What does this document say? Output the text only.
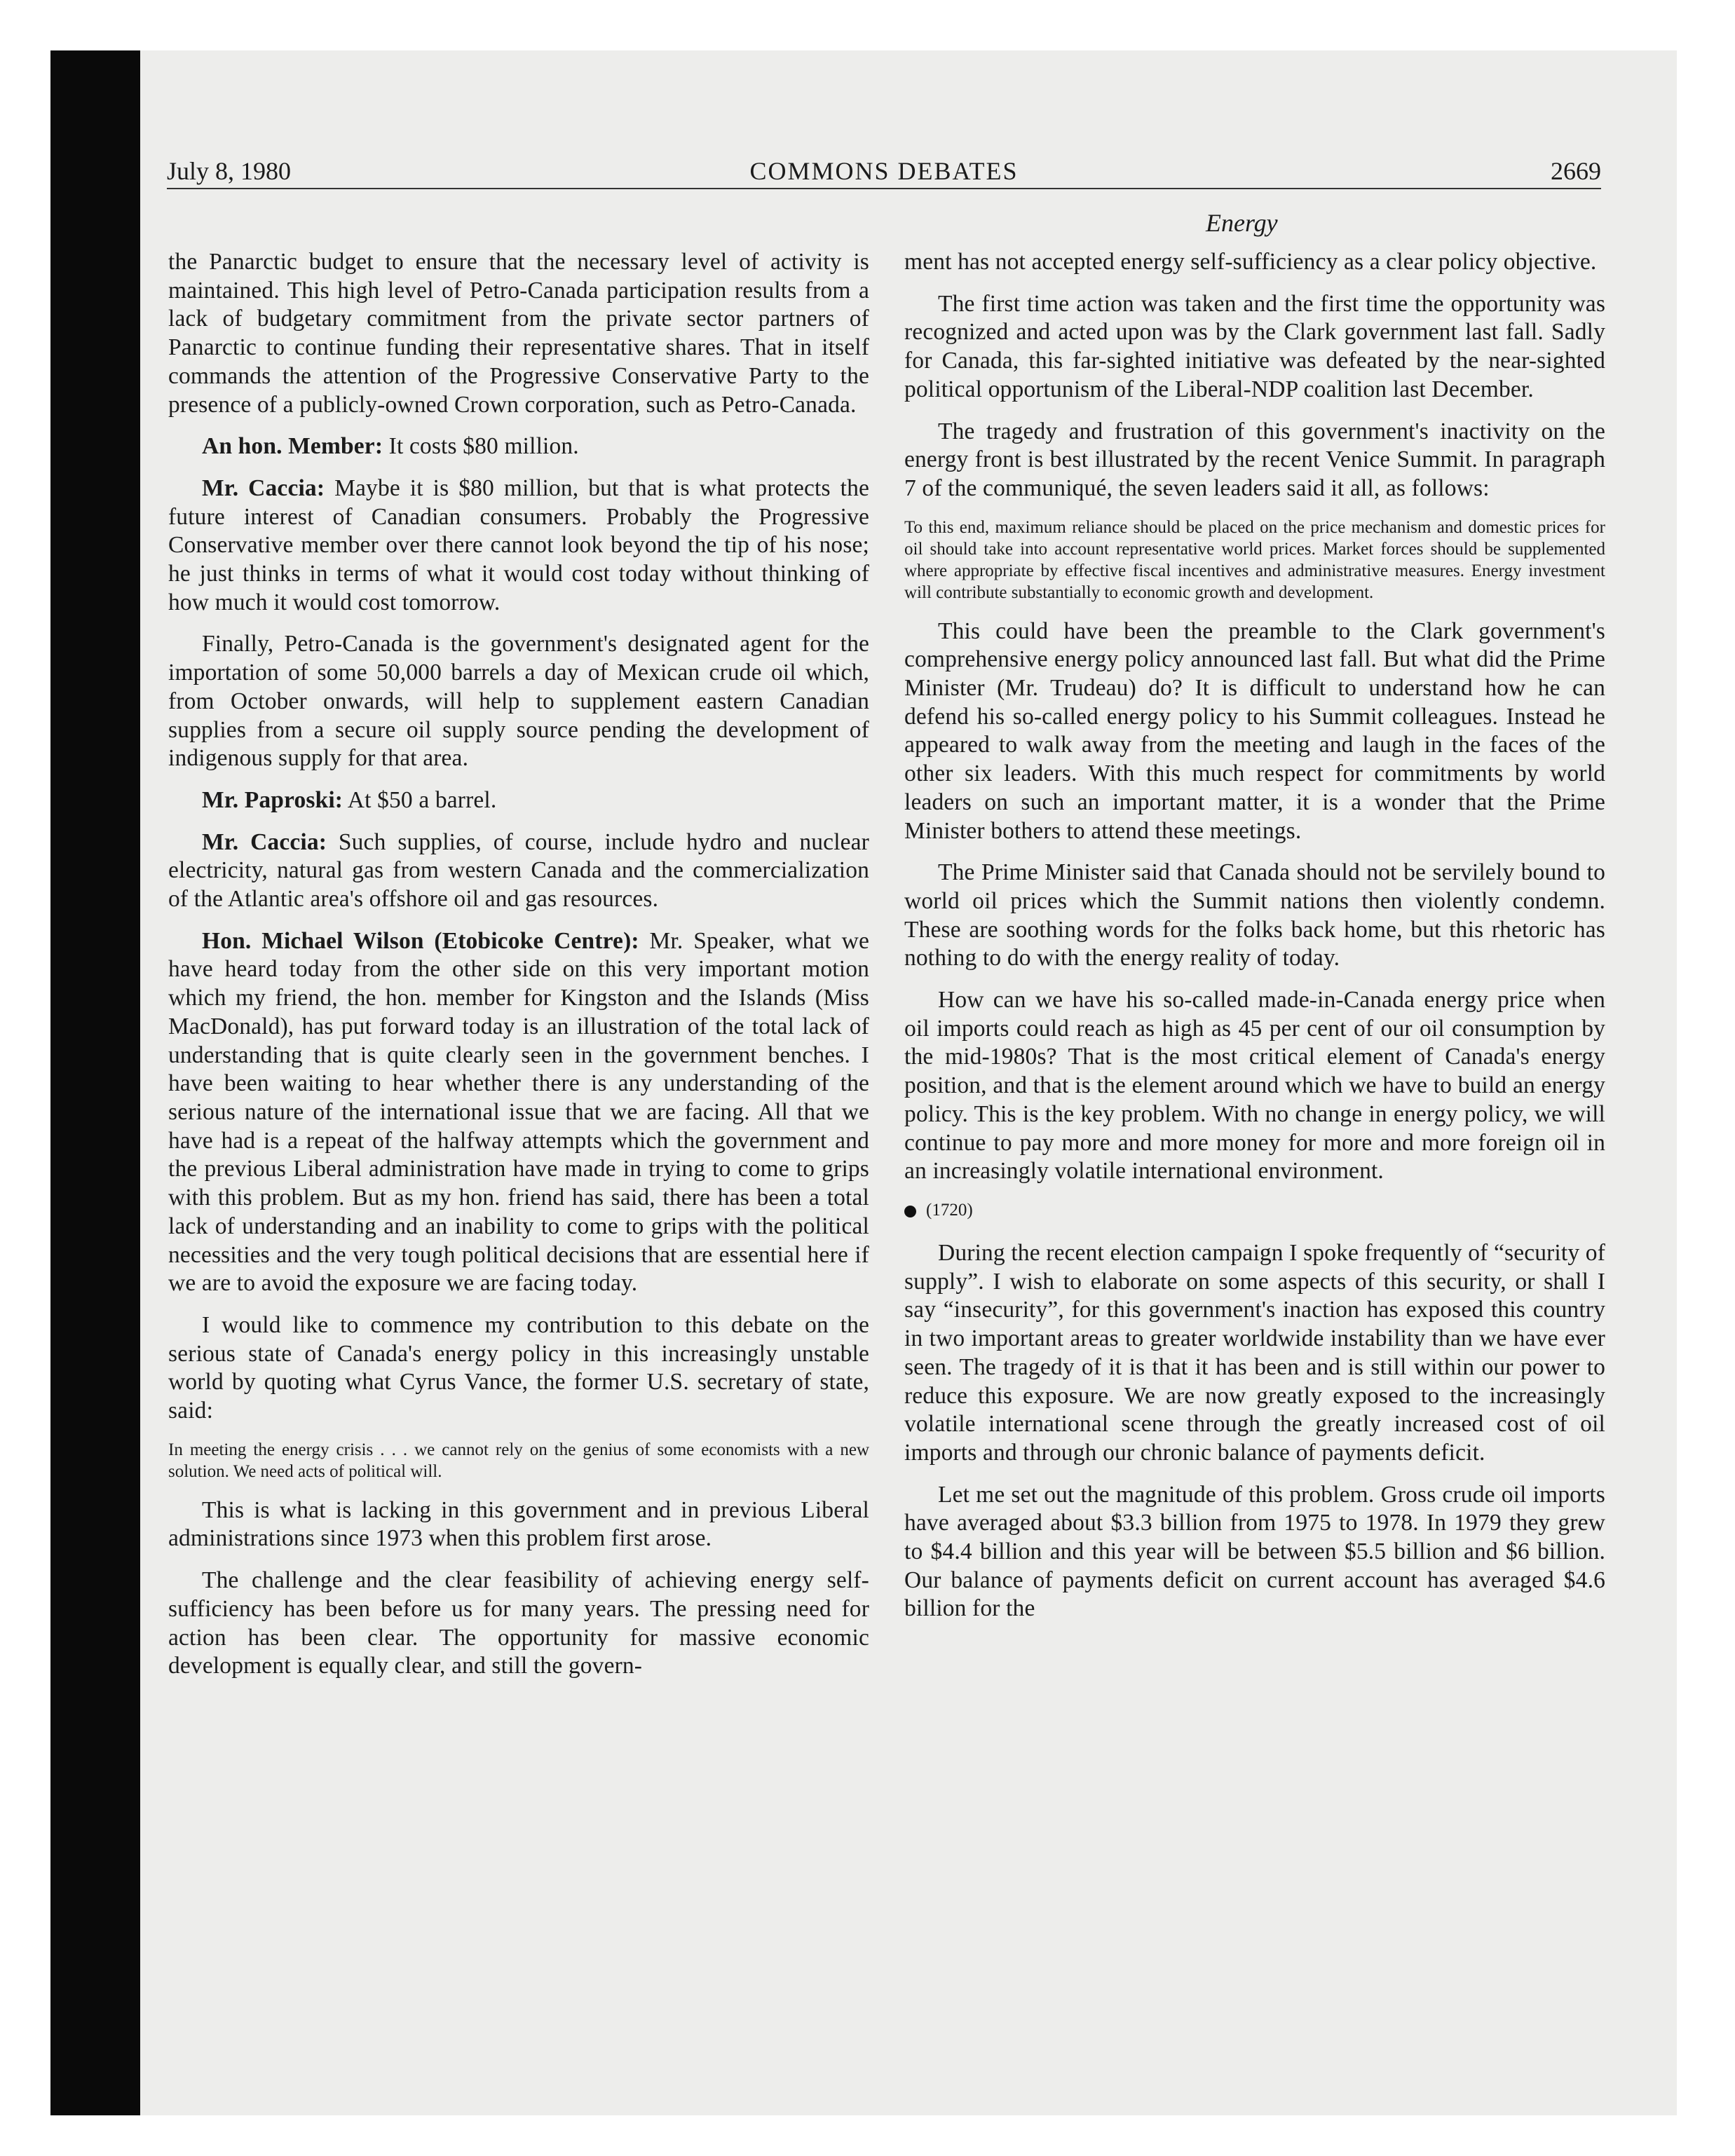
July 8, 1980	COMMONS DEBATES	2669
Energy

the Panarctic budget to ensure that the necessary level of activity is maintained. This high level of Petro-Canada participation results from a lack of budgetary commitment from the private sector partners of Panarctic to continue funding their representative shares. That in itself commands the attention of the Progressive Conservative Party to the presence of a publicly-owned Crown corporation, such as Petro-Canada.

An hon. Member: It costs $80 million.

Mr. Caccia: Maybe it is $80 million, but that is what protects the future interest of Canadian consumers. Probably the Progressive Conservative member over there cannot look beyond the tip of his nose; he just thinks in terms of what it would cost today without thinking of how much it would cost tomorrow.

Finally, Petro-Canada is the government's designated agent for the importation of some 50,000 barrels a day of Mexican crude oil which, from October onwards, will help to supplement eastern Canadian supplies from a secure oil supply source pending the development of indigenous supply for that area.

Mr. Paproski: At $50 a barrel.

Mr. Caccia: Such supplies, of course, include hydro and nuclear electricity, natural gas from western Canada and the commercialization of the Atlantic area's offshore oil and gas resources.

Hon. Michael Wilson (Etobicoke Centre): Mr. Speaker, what we have heard today from the other side on this very important motion which my friend, the hon. member for Kingston and the Islands (Miss MacDonald), has put forward today is an illustration of the total lack of understanding that is quite clearly seen in the government benches. I have been waiting to hear whether there is any understanding of the serious nature of the international issue that we are facing. All that we have had is a repeat of the halfway attempts which the government and the previous Liberal administration have made in trying to come to grips with this problem. But as my hon. friend has said, there has been a total lack of understanding and an inability to come to grips with the political necessities and the very tough political decisions that are essential here if we are to avoid the exposure we are facing today.

I would like to commence my contribution to this debate on the serious state of Canada's energy policy in this increasingly unstable world by quoting what Cyrus Vance, the former U.S. secretary of state, said:

In meeting the energy crisis . . . we cannot rely on the genius of some economists with a new solution. We need acts of political will.

This is what is lacking in this government and in previous Liberal administrations since 1973 when this problem first arose.

The challenge and the clear feasibility of achieving energy self-sufficiency has been before us for many years. The pressing need for action has been clear. The opportunity for massive economic development is equally clear, and still the govern-

ment has not accepted energy self-sufficiency as a clear policy objective.

The first time action was taken and the first time the opportunity was recognized and acted upon was by the Clark government last fall. Sadly for Canada, this far-sighted initiative was defeated by the near-sighted political opportunism of the Liberal-NDP coalition last December.

The tragedy and frustration of this government's inactivity on the energy front is best illustrated by the recent Venice Summit. In paragraph 7 of the communiqué, the seven leaders said it all, as follows:

To this end, maximum reliance should be placed on the price mechanism and domestic prices for oil should take into account representative world prices. Market forces should be supplemented where appropriate by effective fiscal incentives and administrative measures. Energy investment will contribute substantially to economic growth and development.

This could have been the preamble to the Clark government's comprehensive energy policy announced last fall. But what did the Prime Minister (Mr. Trudeau) do? It is difficult to understand how he can defend his so-called energy policy to his Summit colleagues. Instead he appeared to walk away from the meeting and laugh in the faces of the other six leaders. With this much respect for commitments by world leaders on such an important matter, it is a wonder that the Prime Minister bothers to attend these meetings.

The Prime Minister said that Canada should not be servilely bound to world oil prices which the Summit nations then violently condemn. These are soothing words for the folks back home, but this rhetoric has nothing to do with the energy reality of today.

How can we have his so-called made-in-Canada energy price when oil imports could reach as high as 45 per cent of our oil consumption by the mid-1980s? That is the most critical element of Canada's energy position, and that is the element around which we have to build an energy policy. This is the key problem. With no change in energy policy, we will continue to pay more and more money for more and more foreign oil in an increasingly volatile international environment.

(1720)

During the recent election campaign I spoke frequently of “security of supply”. I wish to elaborate on some aspects of this security, or shall I say “insecurity”, for this government's inaction has exposed this country in two important areas to greater worldwide instability than we have ever seen. The tragedy of it is that it has been and is still within our power to reduce this exposure. We are now greatly exposed to the increasingly volatile international scene through the greatly increased cost of oil imports and through our chronic balance of payments deficit.

Let me set out the magnitude of this problem. Gross crude oil imports have averaged about $3.3 billion from 1975 to 1978. In 1979 they grew to $4.4 billion and this year will be between $5.5 billion and $6 billion. Our balance of payments deficit on current account has averaged $4.6 billion for the
